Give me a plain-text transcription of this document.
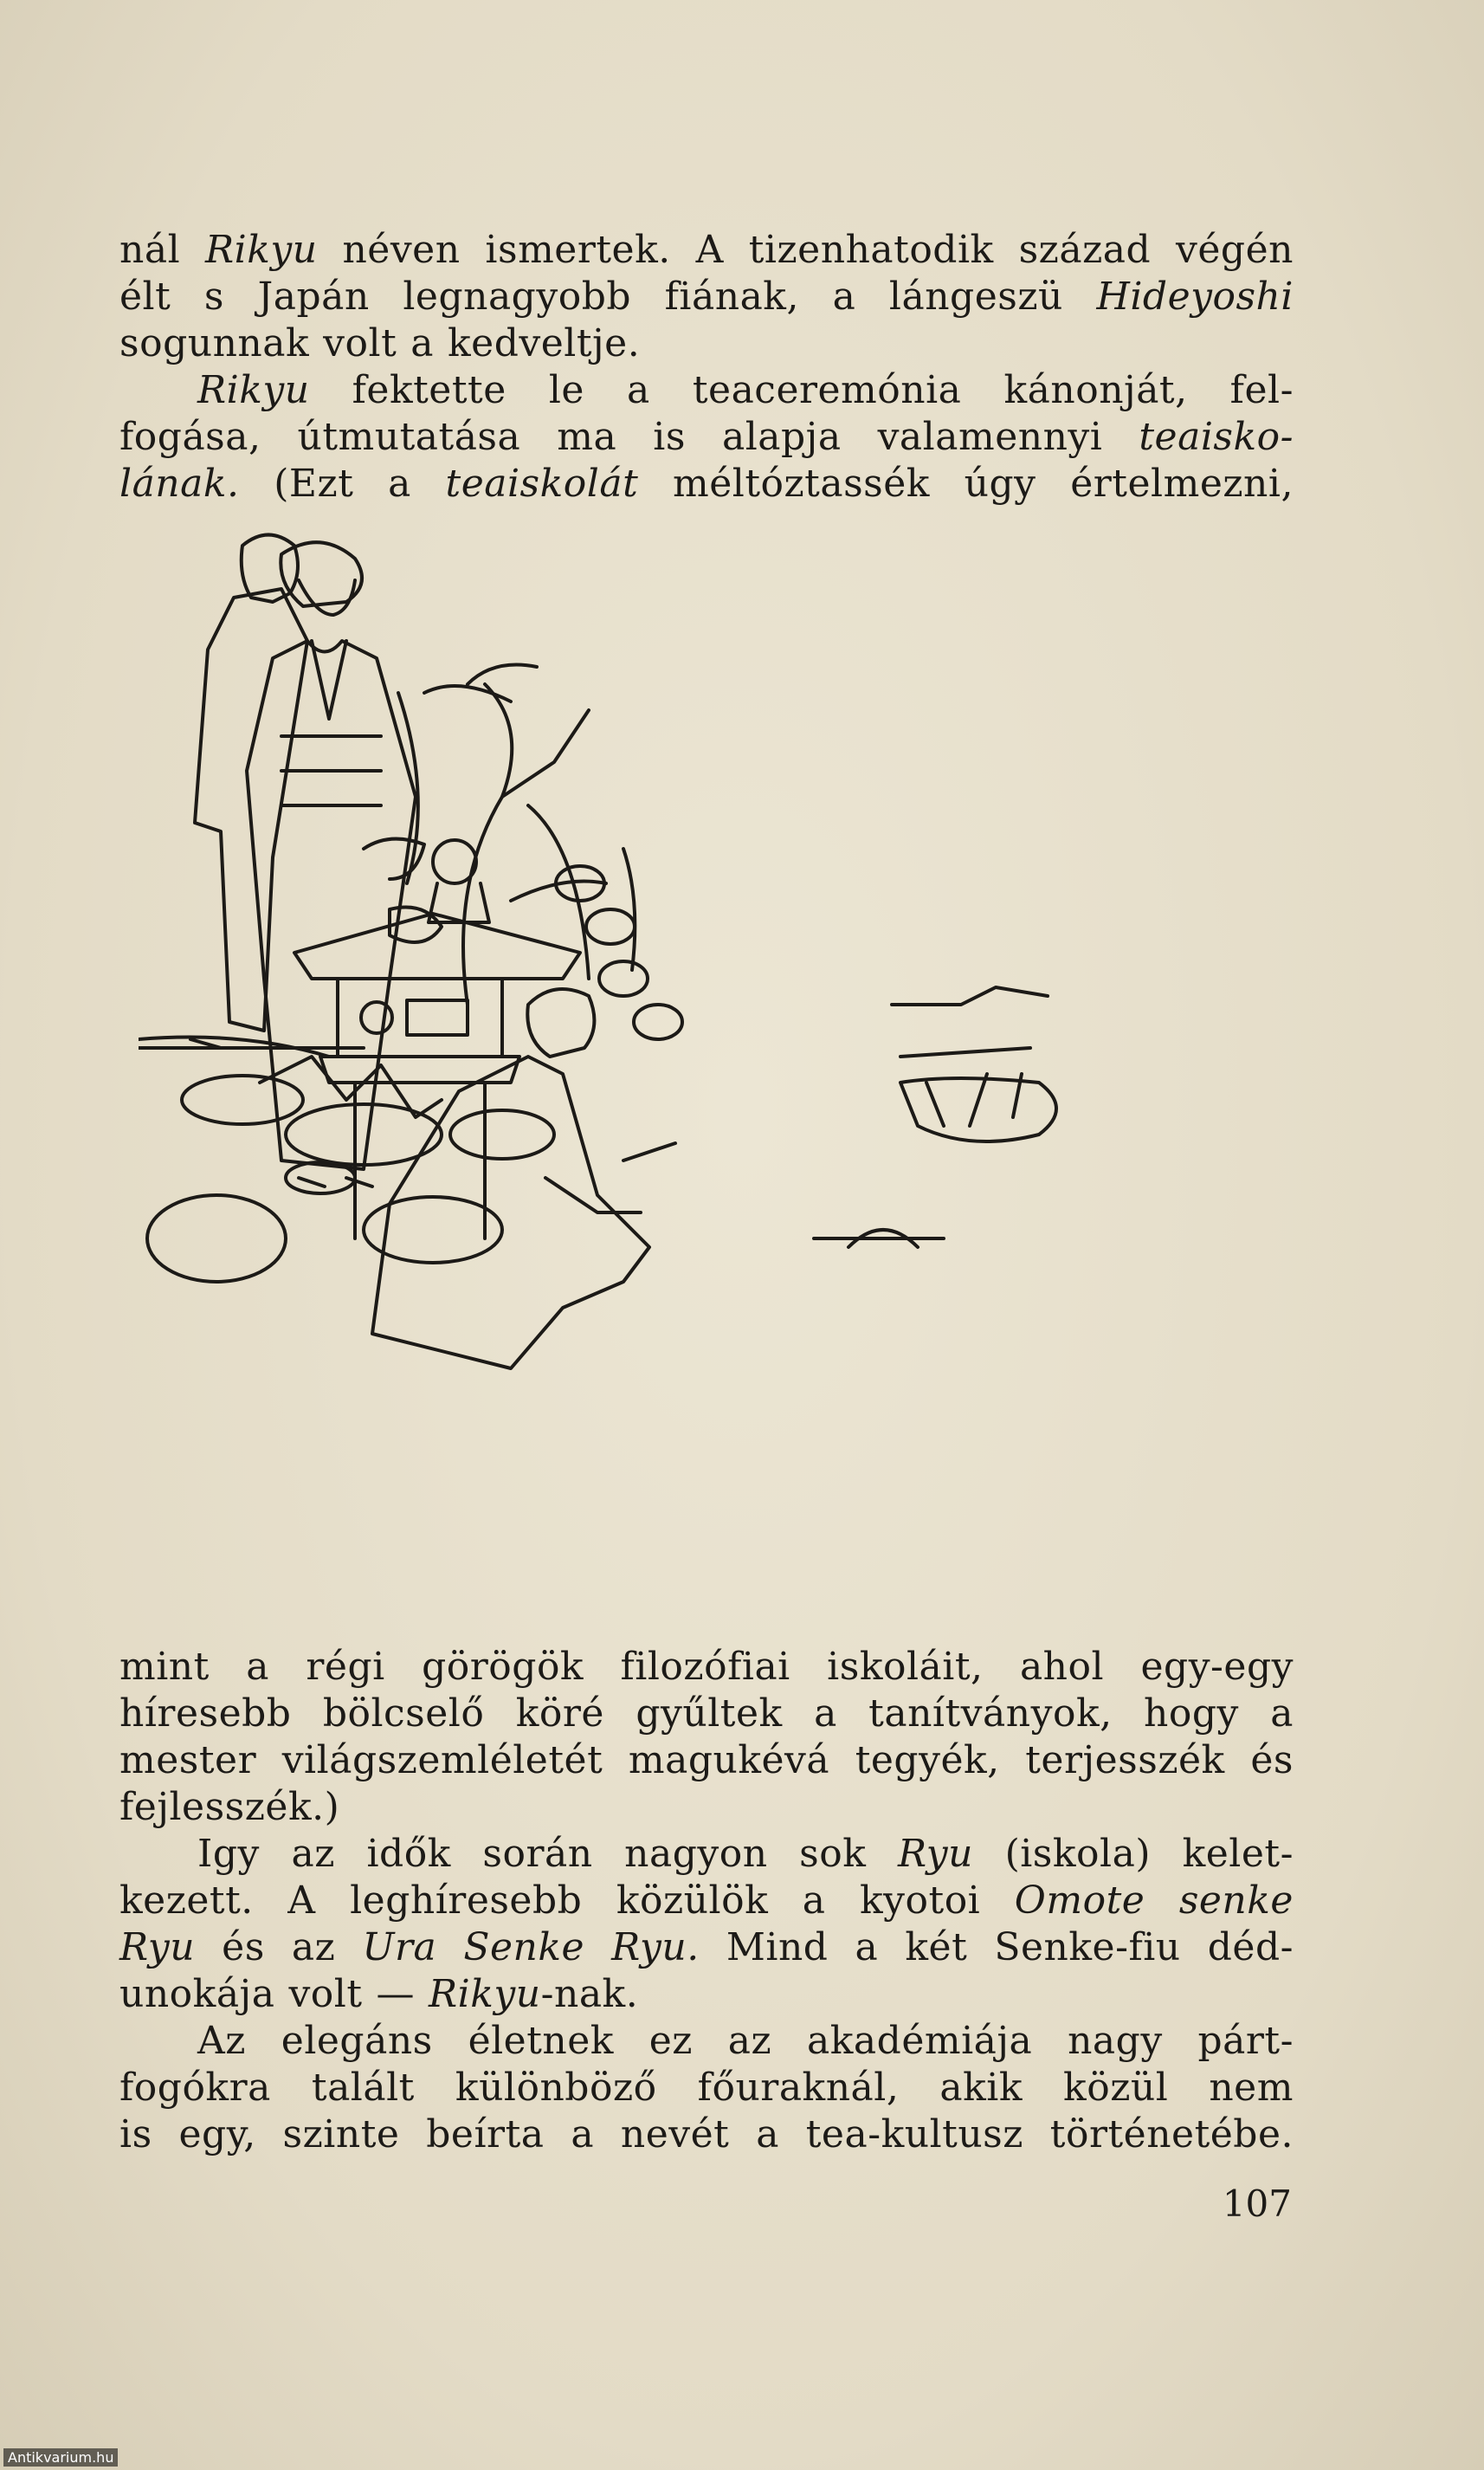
nál Rikyu néven ismertek. A tizenhatodik század végén
élt s Japán legnagyobb fiának, a lángeszü Hideyoshi
sogunnak volt a kedveltje.
Rikyu fektette le a teaceremónia kánonját, fel-
fogása, útmutatása ma is alapja valamennyi teaisko-
lának. (Ezt a teaiskolát méltóztassék úgy értelmezni,
mint a régi görögök filozófiai iskoláit, ahol egy-egy
híresebb bölcselő köré gyűltek a tanítványok, hogy a
mester világszemléletét magukévá tegyék, terjesszék és
fejlesszék.)
Igy az idők során nagyon sok Ryu (iskola) kelet-
kezett. A leghíresebb közülök a kyotoi Omote senke
Ryu és az Ura Senke Ryu. Mind a két Senke-fiu déd-
unokája volt — Rikyu-nak.
Az elegáns életnek ez az akadémiája nagy párt-
fogókra talált különböző főuraknál, akik közül nem
is egy, szinte beírta a nevét a tea-kultusz történetébe.
107
Antikvarium.hu
